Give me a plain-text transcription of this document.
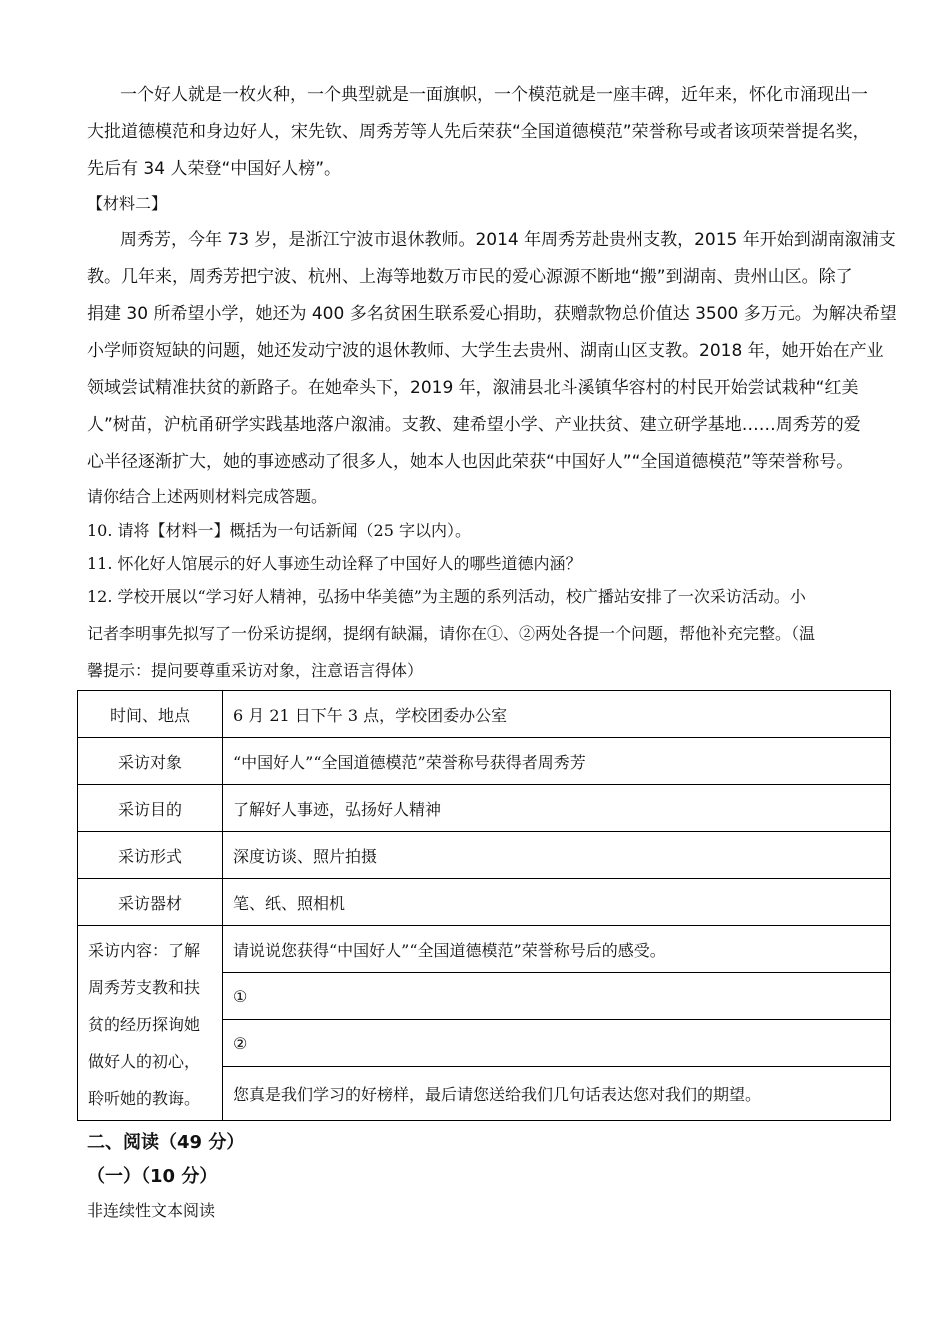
一个好人就是一枚火种，一个典型就是一面旗帜，一个模范就是一座丰碑，近年来，怀化市涌现出一
大批道德模范和身边好人，宋先钦、周秀芳等人先后荣获“全国道德模范”荣誉称号或者该项荣誉提名奖，
先后有 34 人荣登“中国好人榜”。
【材料二】
周秀芳，今年 73 岁，是浙江宁波市退休教师。2014 年周秀芳赴贵州支教，2015 年开始到湖南溆浦支
教。几年来，周秀芳把宁波、杭州、上海等地数万市民的爱心源源不断地“搬”到湖南、贵州山区。除了
捐建 30 所希望小学，她还为 400 多名贫困生联系爱心捐助，获赠款物总价值达 3500 多万元。为解决希望
小学师资短缺的问题，她还发动宁波的退休教师、大学生去贵州、湖南山区支教。2018 年，她开始在产业
领域尝试精准扶贫的新路子。在她牵头下，2019 年，溆浦县北斗溪镇华容村的村民开始尝试栽种“红美
人”树苗，沪杭甬研学实践基地落户溆浦。支教、建希望小学、产业扶贫、建立研学基地……周秀芳的爱
心半径逐渐扩大，她的事迹感动了很多人，她本人也因此荣获“中国好人”“全国道德模范”等荣誉称号。
请你结合上述两则材料完成答题。
10. 请将【材料一】概括为一句话新闻（25 字以内）。
11. 怀化好人馆展示的好人事迹生动诠释了中国好人的哪些道德内涵？
12. 学校开展以“学习好人精神，弘扬中华美德”为主题的系列活动，校广播站安排了一次采访活动。小
记者李明事先拟写了一份采访提纲，提纲有缺漏，请你在①、②两处各提一个问题，帮他补充完整。（温
馨提示：提问要尊重采访对象，注意语言得体）
时间、地点	6 月 21 日下午 3 点，学校团委办公室
采访对象	“中国好人”“全国道德模范”荣誉称号获得者周秀芳
采访目的	了解好人事迹，弘扬好人精神
采访形式	深度访谈、照片拍摄
采访器材	笔、纸、照相机

采访内容：了解
周秀芳支教和扶
贫的经历探询她
做好人的初心，
聆听她的教诲。	请说说您获得“中国好人”“全国道德模范”荣誉称号后的感受。
	①
	②
	您真是我们学习的好榜样，最后请您送给我们几句话表达您对我们的期望。
二、阅读（49 分）
（一）（10 分）
非连续性文本阅读
